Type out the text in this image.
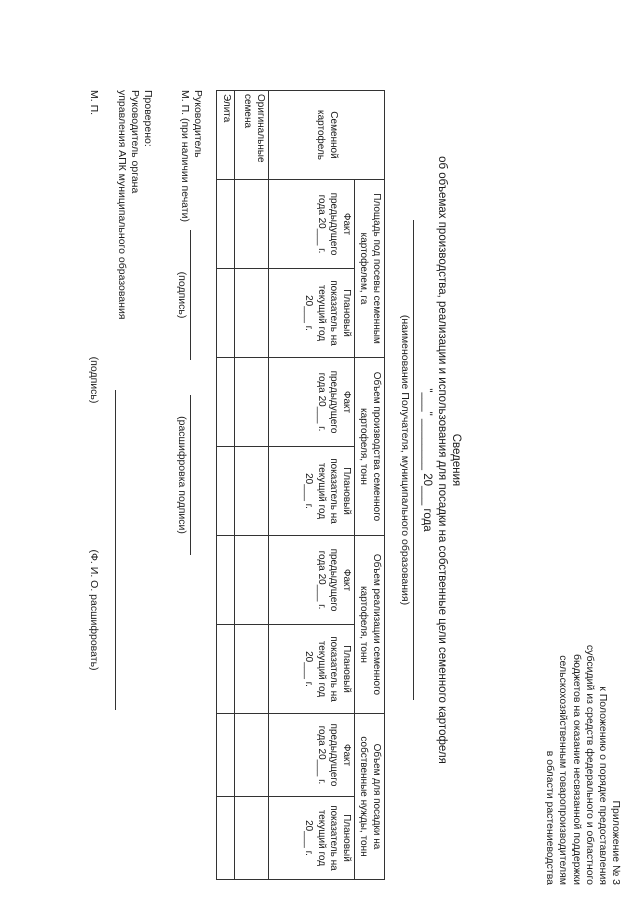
Приложение № 3
к Положению о порядке предоставления
субсидий из средств федерального и областного
бюджетов на оказание несвязанной поддержки
сельскохозяйственным товаропроизводителям
в области растениеводства
Сведения
об объемах производства, реализации и использования для посадки на собственные цели семенного картофеля
"___" ________ 20___ года
(наименование Получателя, муниципального образования)
Семенной картофель	Площадь под посевы семенным картофелем, га		Объем производства семенного картофеля, тонн		Объем реализации семенного картофеля, тонн		Объем для посадки на собственные нужды, тонн	
	Факт предыдущего года 20___ г.	Плановый показатель на текущий год 20___ г.	Факт предыдущего года 20___ г.	Плановый показатель на текущий год 20___ г.	Факт предыдущего года 20___ г.	Плановый показатель на текущий год 20___ г.	Факт предыдущего года 20___ г.	Плановый показатель на текущий год 20___ г.
Оригинальные семена								
Элита								
Руководитель
М. П. (при наличии печати)
(подпись)
(расшифровка подписи)
Проверено:
Руководитель органа
управления АПК муниципального образования
М. П.
(подпись)
(Ф. И. О. расшифровать)
